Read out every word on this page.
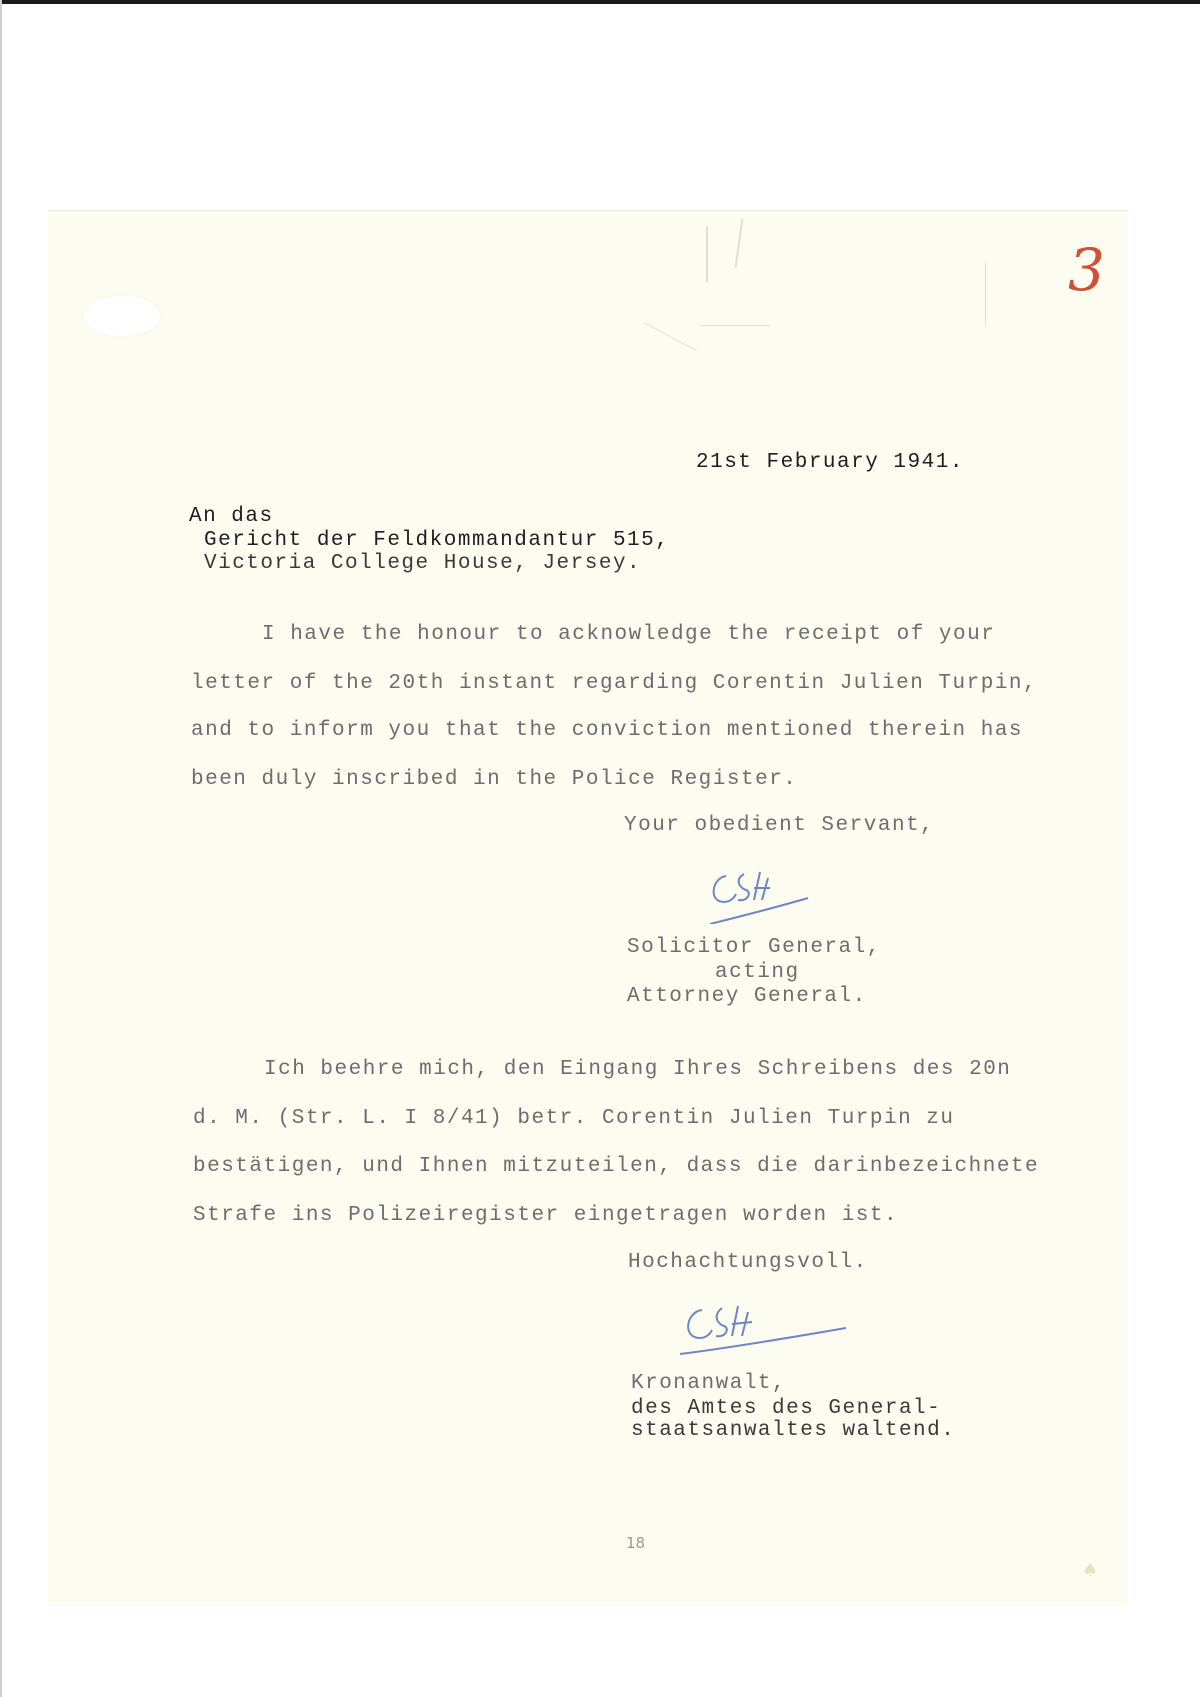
3
21st February 1941.
An das
Gericht der Feldkommandantur 515,
Victoria College House, Jersey.
I have the honour to acknowledge the receipt of your
letter of the 20th instant regarding Corentin Julien Turpin,
and to inform you that the conviction mentioned therein has
been duly inscribed in the Police Register.
Your obedient Servant,
Solicitor General,
acting
Attorney General.
Ich beehre mich, den Eingang Ihres Schreibens des 20n
d. M. (Str. L. I 8/41) betr. Corentin Julien Turpin zu
bestätigen, und Ihnen mitzuteilen, dass die darinbezeichnete
Strafe ins Polizeiregister eingetragen worden ist.
Hochachtungsvoll.
Kronanwalt,
des Amtes des General-
staatsanwaltes waltend.
18
♠
